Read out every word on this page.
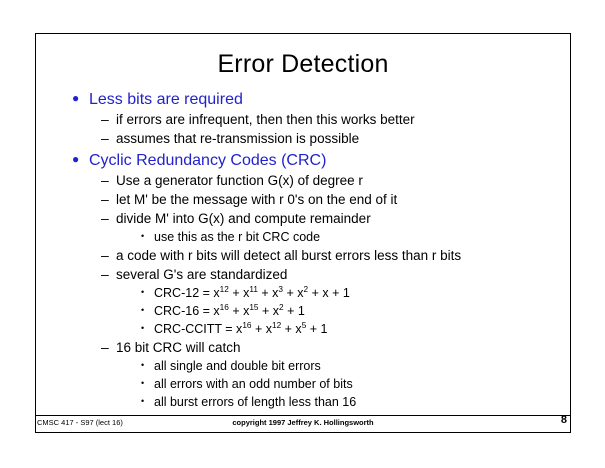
Error Detection
● Less bits are required
– if errors are infrequent, then then this works better
– assumes that re-transmission is possible
● Cyclic Redundancy Codes (CRC)
– Use a generator function G(x) of degree r
– let M' be the message with r 0's on the end of it
– divide M' into G(x) and compute remainder
• use this as the r bit CRC code
– a code with r bits will detect all burst errors less than r bits
– several G's are standardized
• $CRC-12 = x^{12} + x^{11} + x^3 + x^2 + x + 1$
• $CRC-16 = x^{16} + x^{15} + x^2 + 1$
• CRC-CCITT = $x^{16} + x^{12} + x^5 + 1$
– 16 bit CRC will catch
• all single and double bit errors
• all errors with an odd number of bits
• all burst errors of length less than 16
CMSC 417 - S97 (lect 16)	copyright 1997 Jeffrey K. Hollingsworth	8
